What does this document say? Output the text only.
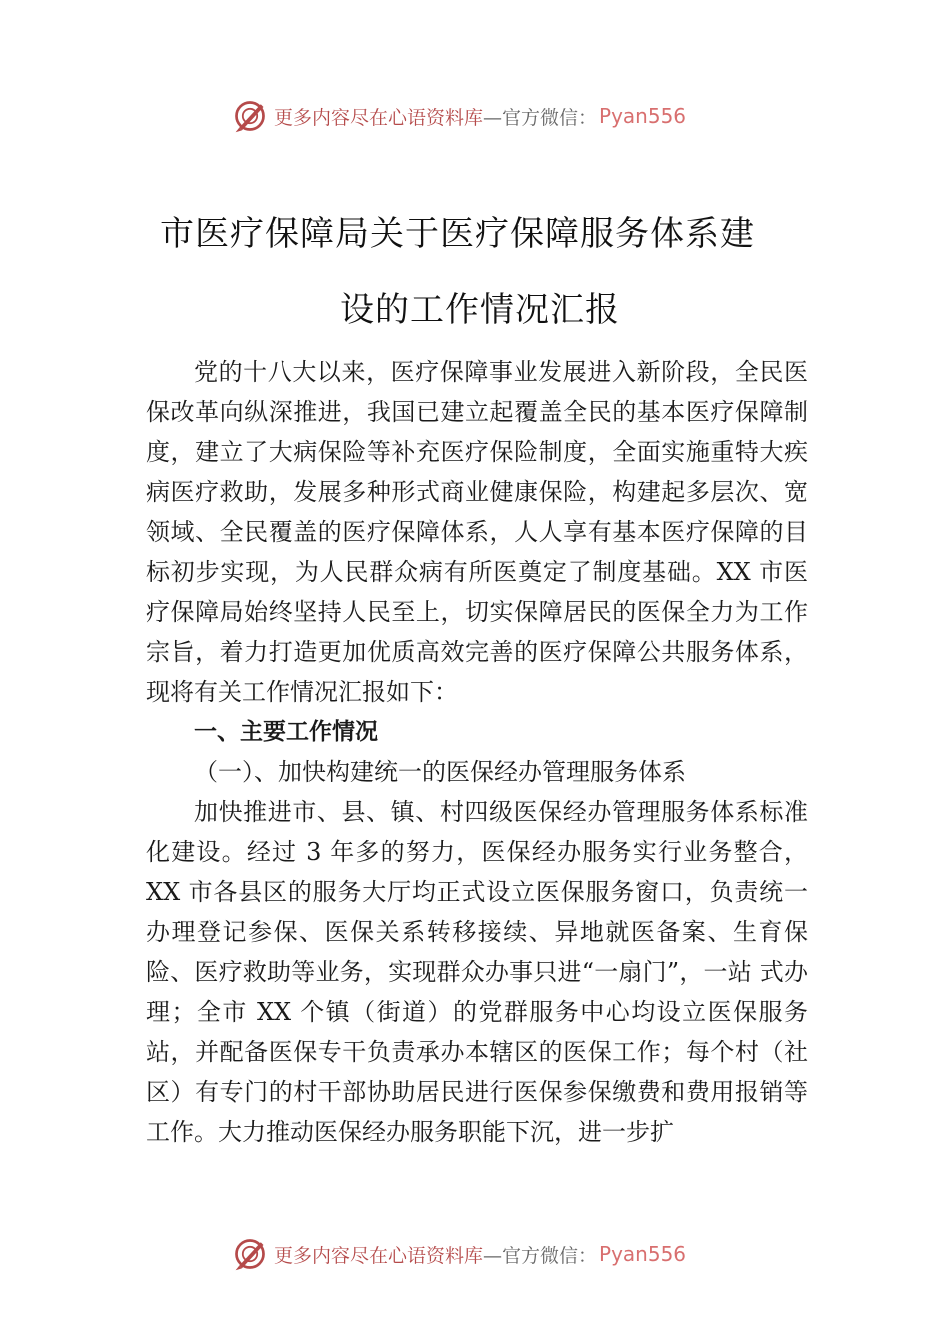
更多内容尽在心语资料库 —官方微信： Pyan556
市医疗保障局关于医疗保障服务体系建
设的工作情况汇报

党的十八大以来，医疗保障事业发展进入新阶段，全民医保改革向纵深推进，我国已建立起覆盖全民的基本医疗保障制度，建立了大病保险等补充医疗保险制度，全面实施重特大疾病医疗救助，发展多种形式商业健康保险，构建起多层次、宽领域、全民覆盖的医疗保障体系，人人享有基本医疗保障的目标初步实现，为人民群众病有所医奠定了制度基础。XX 市医疗保障局始终坚持人民至上，切实保障居民的医保全力为工作宗旨，着力打造更加优质高效完善的医疗保障公共服务体系，现将有关工作情况汇报如下：

一、主要工作情况
（一）、加快构建统一的医保经办管理服务体系

加快推进市、县、镇、村四级医保经办管理服务体系标准化建设。经过 3 年多的努力，医保经办服务实行业务整合，XX 市各县区的服务大厅均正式设立医保服务窗口，负责统一办理登记参保、医保关系转移接续、异地就医备案、生育保险、医疗救助等业务，实现群众办事只进“一扇门”，一站 式办理；全市 XX 个镇（街道）的党群服务中心均设立医保服务站，并配备医保专干负责承办本辖区的医保工作；每个村（社区）有专门的村干部协助居民进行医保参保缴费和费用报销等工作。大力推动医保经办服务职能下沉，进一步扩

更多内容尽在心语资料库 —官方微信： Pyan556
